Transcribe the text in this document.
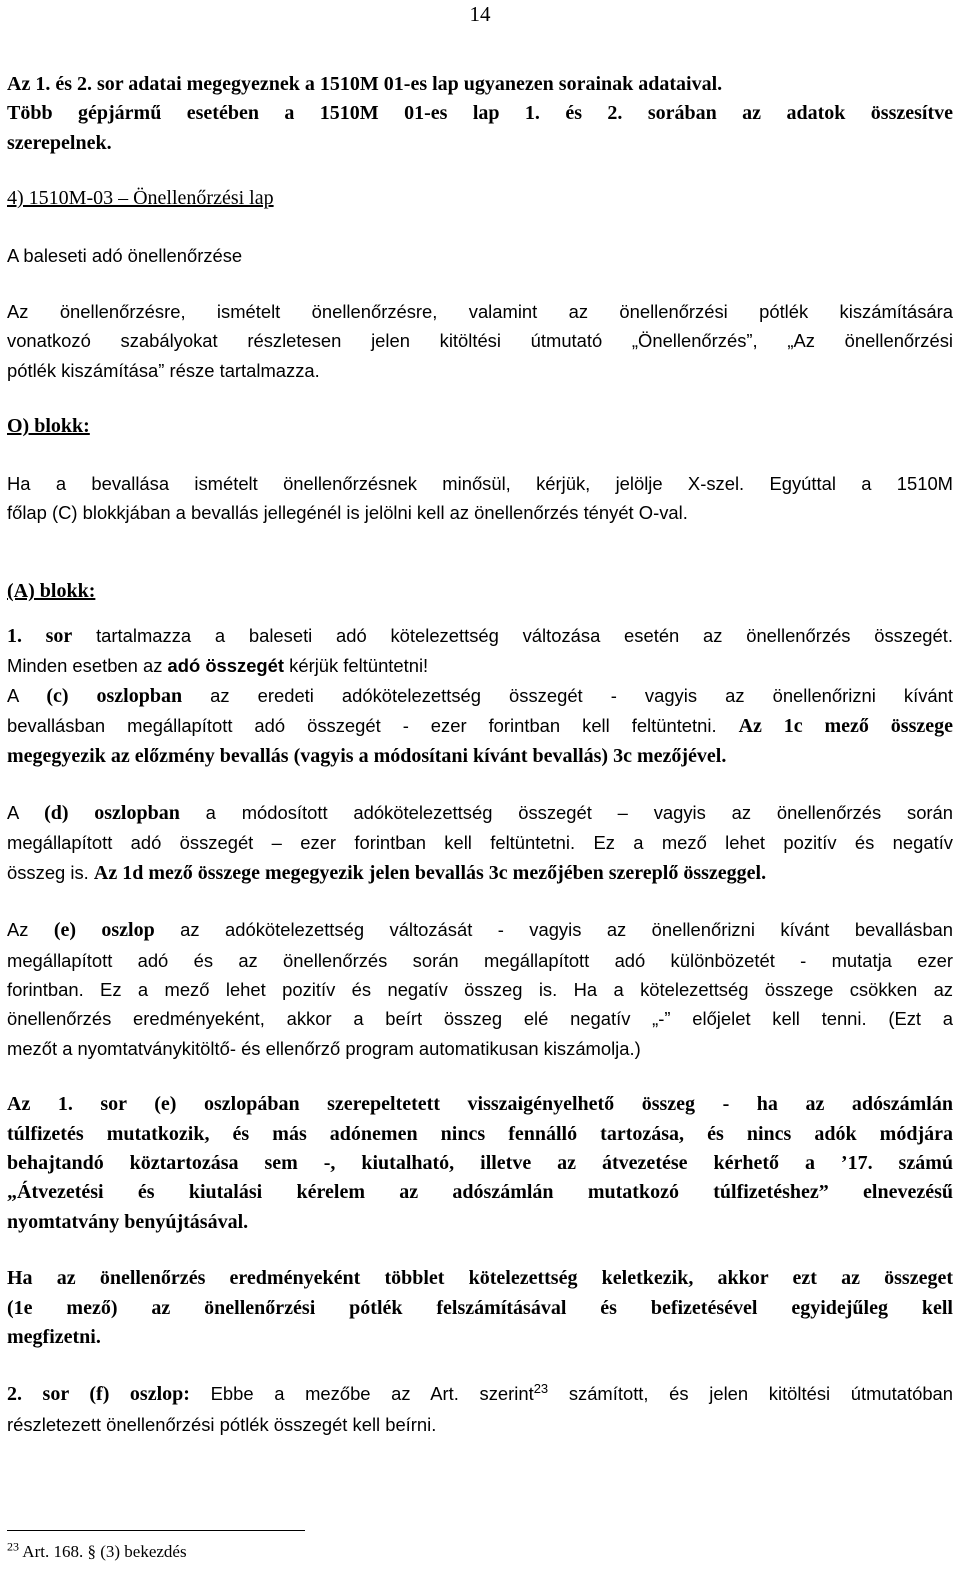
14

Az 1. és 2. sor adatai megegyeznek a 1510M 01-es lap ugyanezen sorainak adataival.

Több gépjármű esetében a 1510M 01-es lap 1. és 2. sorában az adatok összesítve
szerepelnek.

4) 1510M-03 – Önellenőrzési lap

A baleseti adó önellenőrzése

Az önellenőrzésre, ismételt önellenőrzésre, valamint az önellenőrzési pótlék kiszámítására
vonatkozó szabályokat részletesen jelen kitöltési útmutató „Önellenőrzés”, „Az önellenőrzési
pótlék kiszámítása” része tartalmazza.

O) blokk:

Ha a bevallása ismételt önellenőrzésnek minősül, kérjük, jelölje X-szel. Egyúttal a 1510M
főlap (C) blokkjában a bevallás jellegénél is jelölni kell az önellenőrzés tényét O-val.

(A) blokk:

1. sor tartalmazza a baleseti adó kötelezettség változása esetén az önellenőrzés összegét.
Minden esetben az adó összegét kérjük feltüntetni!

A (c) oszlopban az eredeti adókötelezettség összegét - vagyis az önellenőrizni kívánt
bevallásban megállapított adó összegét - ezer forintban kell feltüntetni. Az 1c mező összege
megegyezik az előzmény bevallás (vagyis a módosítani kívánt bevallás) 3c mezőjével.

A (d) oszlopban a módosított adókötelezettség összegét – vagyis az önellenőrzés során
megállapított adó összegét – ezer forintban kell feltüntetni. Ez a mező lehet pozitív és negatív
összeg is. Az 1d mező összege megegyezik jelen bevallás 3c mezőjében szereplő összeggel.

Az (e) oszlop az adókötelezettség változását - vagyis az önellenőrizni kívánt bevallásban
megállapított adó és az önellenőrzés során megállapított adó különbözetét - mutatja ezer
forintban. Ez a mező lehet pozitív és negatív összeg is. Ha a kötelezettség összege csökken az
önellenőrzés eredményeként, akkor a beírt összeg elé negatív „-” előjelet kell tenni. (Ezt a
mezőt a nyomtatványkitöltő- és ellenőrző program automatikusan kiszámolja.)

Az 1. sor (e) oszlopában szerepeltetett visszaigényelhető összeg - ha az adószámlán
túlfizetés mutatkozik, és más adónemen nincs fennálló tartozása, és nincs adók módjára
behajtandó köztartozása sem -, kiutalható, illetve az átvezetése kérhető a ’17. számú
„Átvezetési és kiutalási kérelem az adószámlán mutatkozó túlfizetéshez” elnevezésű
nyomtatvány benyújtásával.

Ha az önellenőrzés eredményeként többlet kötelezettség keletkezik, akkor ezt az összeget
(1e mező) az önellenőrzési pótlék felszámításával és befizetésével egyidejűleg kell
megfizetni.

2. sor (f) oszlop: Ebbe a mezőbe az Art. szerint$^{23}$ számított, és jelen kitöltési útmutatóban
részletezett önellenőrzési pótlék összegét kell beírni.

$^{23}$ Art. 168. § (3) bekezdés
